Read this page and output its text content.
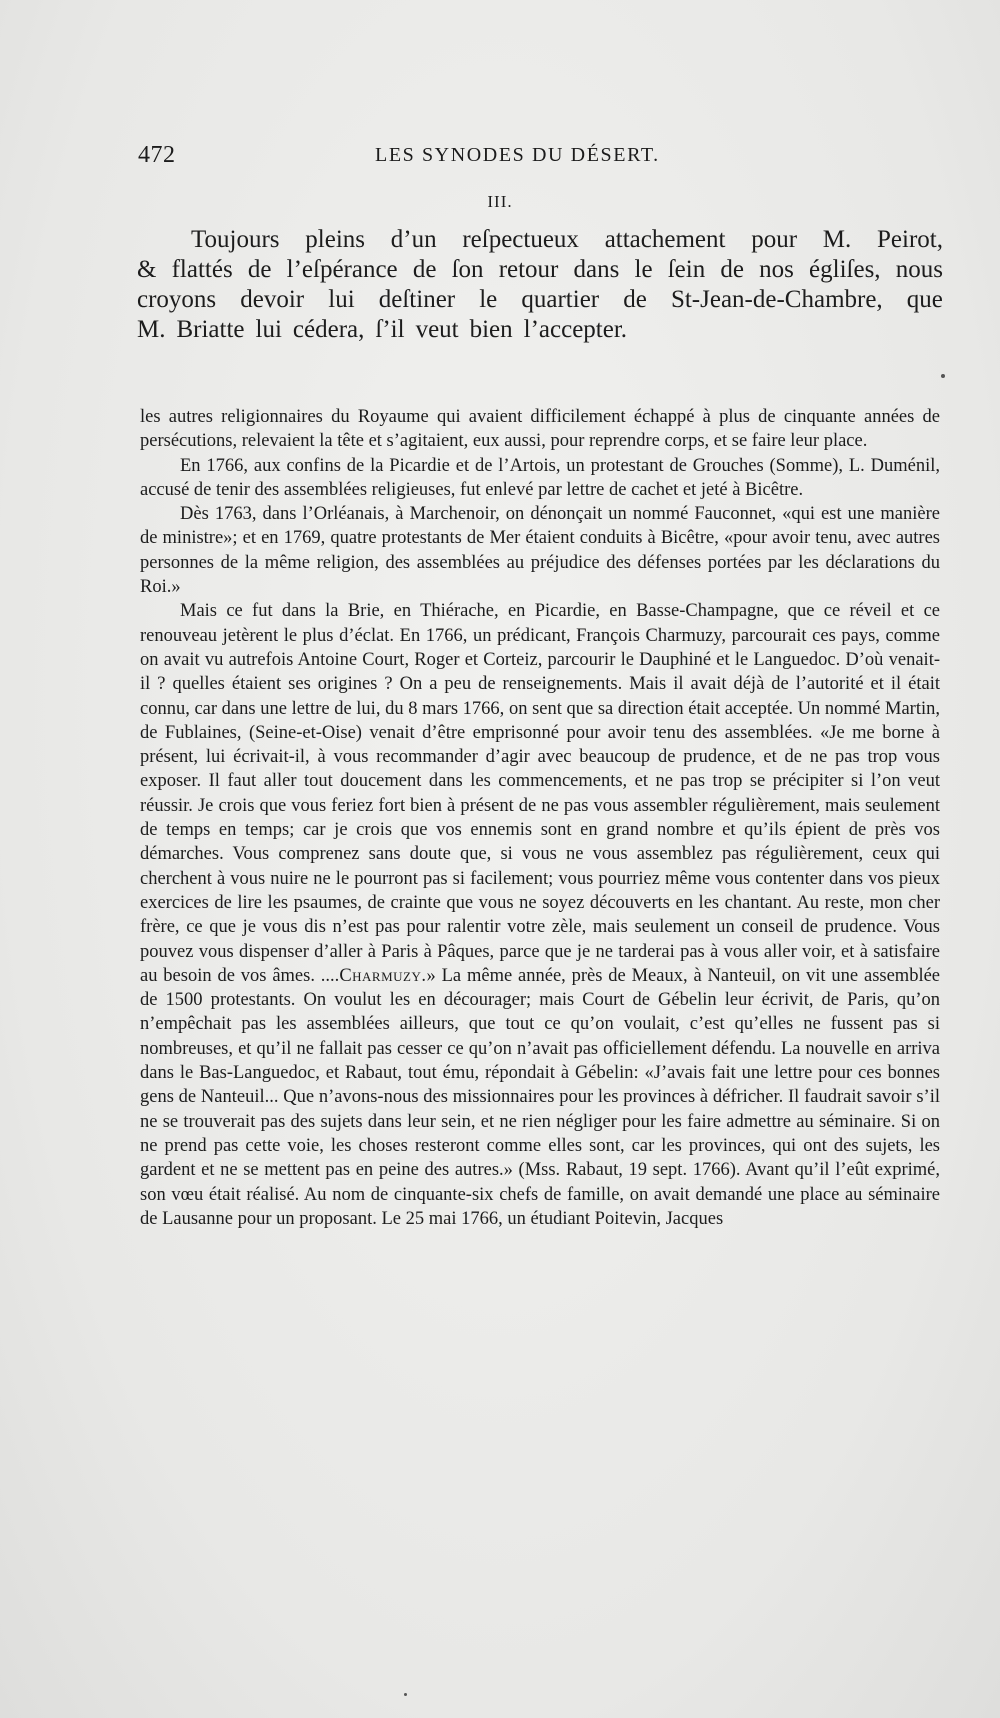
472	LES SYNODES DU DÉSERT.
III.
Toujours pleins d’un reſpectueux attachement pour M. Peirot,
& flattés de l’eſpérance de ſon retour dans le ſein de nos égliſes, nous
croyons devoir lui deſtiner le quartier de St-Jean-de-Chambre, que
M. Briatte lui cédera, ſ’il veut bien l’accepter.

les autres religionnaires du Royaume qui avaient difficilement échappé à plus de cinquante années de persécutions, relevaient la tête et s’agitaient, eux aussi, pour reprendre corps, et se faire leur place.

En 1766, aux confins de la Picardie et de l’Artois, un protestant de Grouches (Somme), L. Duménil, accusé de tenir des assemblées religieuses, fut enlevé par lettre de cachet et jeté à Bicêtre.

Dès 1763, dans l’Orléanais, à Marchenoir, on dénonçait un nommé Fauconnet, «qui est une manière de ministre»; et en 1769, quatre protestants de Mer étaient conduits à Bicêtre, «pour avoir tenu, avec autres personnes de la même religion, des assemblées au préjudice des défenses portées par les déclarations du Roi.»

Mais ce fut dans la Brie, en Thiérache, en Picardie, en Basse-Champagne, que ce réveil et ce renouveau jetèrent le plus d’éclat. En 1766, un prédicant, François Charmuzy, parcourait ces pays, comme on avait vu autrefois Antoine Court, Roger et Corteiz, parcourir le Dauphiné et le Languedoc. D’où venait-il ? quelles étaient ses origines ? On a peu de renseignements. Mais il avait déjà de l’autorité et il était connu, car dans une lettre de lui, du 8 mars 1766, on sent que sa direction était acceptée. Un nommé Martin, de Fublaines, (Seine-et-Oise) venait d’être emprisonné pour avoir tenu des assemblées. «Je me borne à présent, lui écrivait-il, à vous recommander d’agir avec beaucoup de prudence, et de ne pas trop vous exposer. Il faut aller tout doucement dans les commencements, et ne pas trop se précipiter si l’on veut réussir. Je crois que vous feriez fort bien à présent de ne pas vous assembler régulièrement, mais seulement de temps en temps; car je crois que vos ennemis sont en grand nombre et qu’ils épient de près vos démarches. Vous comprenez sans doute que, si vous ne vous assemblez pas régulièrement, ceux qui cherchent à vous nuire ne le pourront pas si facilement; vous pourriez même vous contenter dans vos pieux exercices de lire les psaumes, de crainte que vous ne soyez découverts en les chantant. Au reste, mon cher frère, ce que je vous dis n’est pas pour ralentir votre zèle, mais seulement un conseil de prudence. Vous pouvez vous dispenser d’aller à Paris à Pâques, parce que je ne tarderai pas à vous aller voir, et à satisfaire au besoin de vos âmes. ....Charmuzy.» La même année, près de Meaux, à Nanteuil, on vit une assemblée de 1500 protestants. On voulut les en décourager; mais Court de Gébelin leur écrivit, de Paris, qu’on n’empêchait pas les assemblées ailleurs, que tout ce qu’on voulait, c’est qu’elles ne fussent pas si nombreuses, et qu’il ne fallait pas cesser ce qu’on n’avait pas officiellement défendu. La nouvelle en arriva dans le Bas-Languedoc, et Rabaut, tout ému, répondait à Gébelin: «J’avais fait une lettre pour ces bonnes gens de Nanteuil... Que n’avons-nous des missionnaires pour les provinces à défricher. Il faudrait savoir s’il ne se trouverait pas des sujets dans leur sein, et ne rien négliger pour les faire admettre au séminaire. Si on ne prend pas cette voie, les choses resteront comme elles sont, car les provinces, qui ont des sujets, les gardent et ne se mettent pas en peine des autres.» (Mss. Rabaut, 19 sept. 1766). Avant qu’il l’eût exprimé, son vœu était réalisé. Au nom de cinquante-six chefs de famille, on avait demandé une place au séminaire de Lausanne pour un proposant. Le 25 mai 1766, un étudiant Poitevin, Jacques
